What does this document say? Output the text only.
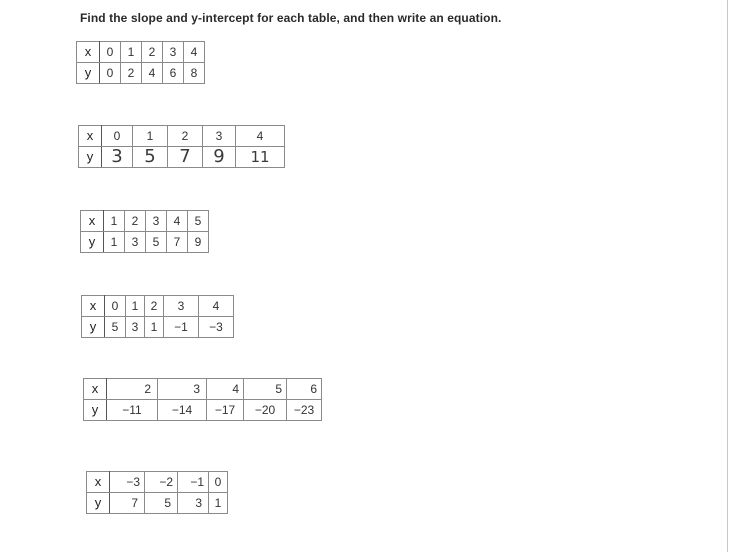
Find the slope and y-intercept for each table, and then write an equation.
x	0	1	2	3	4
y	0	2	4	6	8
x	0	1	2	3	4
y	3	5	7	9	11
x	1	2	3	4	5
y	1	3	5	7	9
x	0	1	2	3	4
y	5	3	1	−1	−3
x	2	3	4	5	6
y	−11	−14	−17	−20	−23
x	−3	−2	−1	0
y	7	5	3	1
